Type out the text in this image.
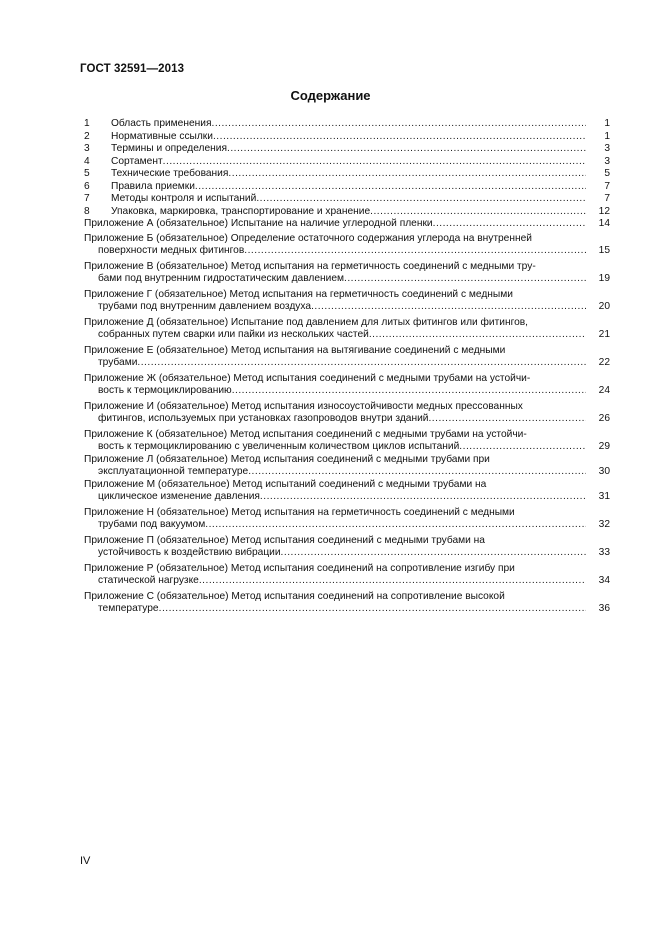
ГОСТ 32591—2013
Содержание
1	Область применения .....	1
2	Нормативные ссылки .....	1
3	Термины и определения .....	3
4	Сортамент .....	3
5	Технические требования .....	5
6	Правила приемки .....	7
7	Методы контроля и испытаний .....	7
8	Упаковка, маркировка, транспортирование и хранение .....	12
Приложение А (обязательное) Испытание на наличие углеродной пленки .....	14
Приложение Б (обязательное) Определение остаточного содержания углерода на внутренней
поверхности медных фитингов .....	15
Приложение В (обязательное) Метод испытания на герметичность соединений с медными тру-
бами под внутренним гидростатическим давлением .....	19
Приложение Г (обязательное) Метод испытания на герметичность соединений с медными
трубами под внутренним давлением воздуха .....	20
Приложение Д (обязательное) Испытание под давлением для литых фитингов или фитингов,
собранных путем сварки или пайки из нескольких частей .....	21
Приложение Е (обязательное) Метод испытания на вытягивание соединений с медными
трубами .....	22
Приложение Ж (обязательное) Метод испытания соединений с медными трубами на устойчи-
вость к термоциклированию .....	24
Приложение И (обязательное) Метод испытания износоустойчивости медных прессованных
фитингов, используемых при установках газопроводов внутри зданий .....	26
Приложение К (обязательное) Метод испытания соединений с медными трубами на устойчи-
вость к термоциклированию с увеличенным количеством циклов испытаний .....	29
Приложение Л (обязательное) Метод испытания соединений с медными трубами при
эксплуатационной температуре .....	30
Приложение М (обязательное) Метод испытаний соединений с медными трубами на
циклическое изменение давления .....	31
Приложение Н (обязательное) Метод испытания на герметичность соединений с медными
трубами под вакуумом .....	32
Приложение П (обязательное) Метод испытания соединений с медными трубами на
устойчивость к воздействию вибрации .....	33
Приложение Р (обязательное) Метод испытания соединений на сопротивление изгибу при
статической нагрузке .....	34
Приложение С (обязательное) Метод испытания соединений на сопротивление высокой
температуре .....	36
IV
